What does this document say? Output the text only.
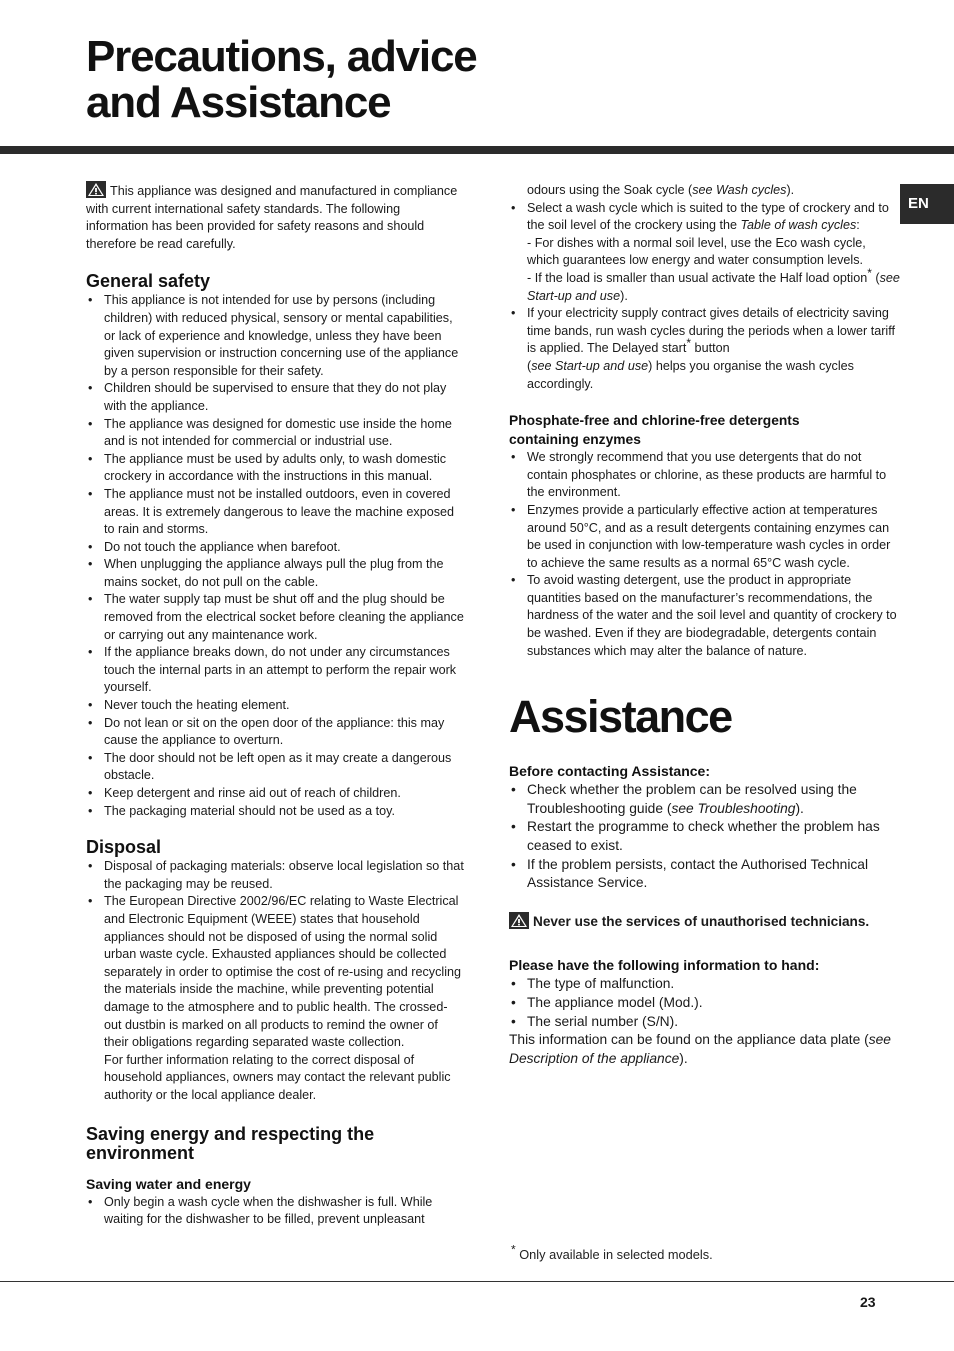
Precautions, advice
and Assistance
EN

This appliance was designed and manufactured in compliance with current international safety standards. The following information has been provided for safety reasons and should therefore be read carefully.

General safety
• This appliance is not intended for use by persons (including children) with reduced physical, sensory or mental capabilities, or lack of experience and knowledge, unless they have been given supervision or instruction concerning use of the appliance by a person responsible for their safety.
• Children should be supervised to ensure that they do not play with the appliance.
• The appliance was designed for domestic use inside the home and is not intended for commercial or industrial use.
• The appliance must be used by adults only, to wash domestic crockery in accordance with the instructions in this manual.
• The appliance must not be installed outdoors, even in covered areas. It is extremely dangerous to leave the machine exposed to rain and storms.
• Do not touch the appliance when barefoot.
• When unplugging the appliance always pull the plug from the mains socket, do not pull on the cable.
• The water supply tap must be shut off and the plug should be removed from the electrical socket before cleaning the appliance or carrying out any maintenance work.
• If the appliance breaks down, do not under any circumstances touch the internal parts in an attempt to perform the repair work yourself.
• Never touch the heating element.
• Do not lean or sit on the open door of the appliance: this may cause the appliance to overturn.
• The door should not be left open as it may create a dangerous obstacle.
• Keep detergent and rinse aid out of reach of children.
• The packaging material should not be used as a toy.
Disposal
• Disposal of packaging materials: observe local legislation so that the packaging may be reused.
• The European Directive 2002/96/EC relating to Waste Electrical and Electronic Equipment (WEEE) states that household appliances should not be disposed of using the normal solid urban waste cycle. Exhausted appliances should be collected separately in order to optimise the cost of re-using and recycling the materials inside the machine, while preventing potential damage to the atmosphere and to public health. The crossed-out dustbin is marked on all products to remind the owner of their obligations regarding separated waste collection.
For further information relating to the correct disposal of household appliances, owners may contact the relevant public authority or the local appliance dealer.
Saving energy and respecting the environment
Saving water and energy
• Only begin a wash cycle when the dishwasher is full. While waiting for the dishwasher to be filled, prevent unpleasant

odours using the Soak cycle (see Wash cycles).

• Select a wash cycle which is suited to the type of crockery and to the soil level of the crockery using the Table of wash cycles:
- For dishes with a normal soil level, use the Eco wash cycle, which guarantees low energy and water consumption levels.
- If the load is smaller than usual activate the Half load option* (see Start-up and use).
• If your electricity supply contract gives details of electricity saving time bands, run wash cycles during the periods when a lower tariff is applied. The Delayed start* button
(see Start-up and use) helps you organise the wash cycles accordingly.
Phosphate-free and chlorine-free detergents containing enzymes
• We strongly recommend that you use detergents that do not contain phosphates or chlorine, as these products are harmful to the environment.
• Enzymes provide a particularly effective action at temperatures around 50°C, and as a result detergents containing enzymes can be used in conjunction with low-temperature wash cycles in order to achieve the same results as a normal 65°C wash cycle.
• To avoid wasting detergent, use the product in appropriate quantities based on the manufacturer’s recommendations, the hardness of the water and the soil level and quantity of crockery to be washed. Even if they are biodegradable, detergents contain substances which may alter the balance of nature.
Assistance
Before contacting Assistance:
• Check whether the problem can be resolved using the Troubleshooting guide (see Troubleshooting).
• Restart the programme to check whether the problem has ceased to exist.
• If the problem persists, contact the Authorised Technical Assistance Service.

Never use the services of unauthorised technicians.

Please have the following information to hand:
• The type of malfunction.
• The appliance model (Mod.).
• The serial number (S/N).

This information can be found on the appliance data plate (see Description of the appliance).

* Only available in selected models.
23
